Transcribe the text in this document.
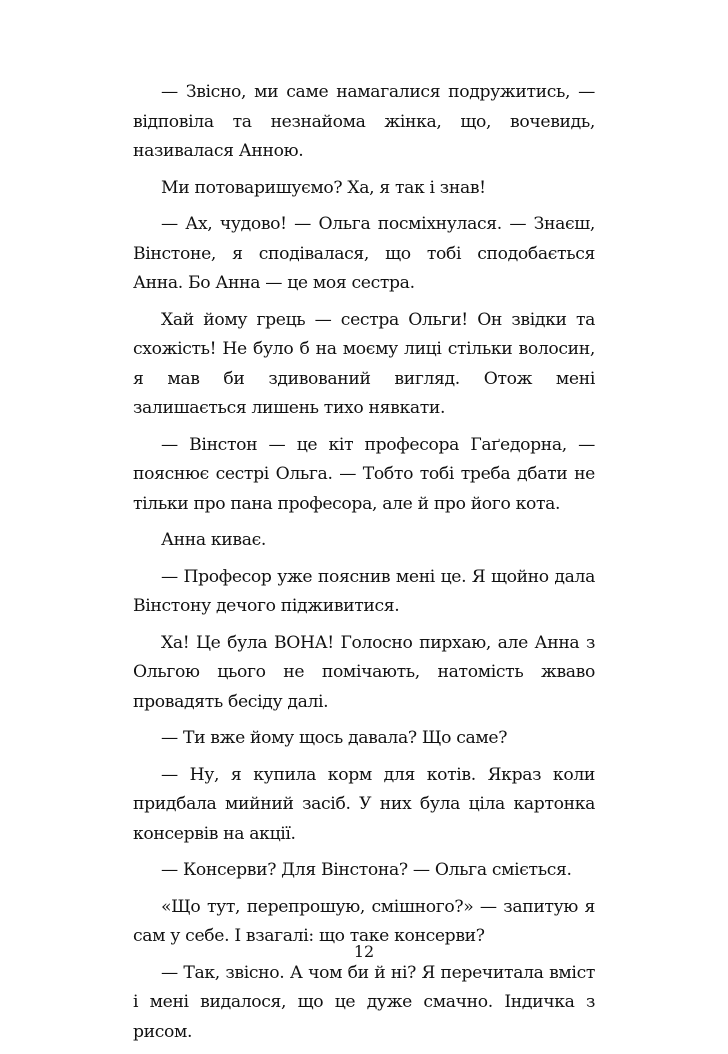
— Звісно, ми саме намагалися подружитись, — відповіла та незнайома жінка, що, вочевидь, називалася Анною.

Ми потоваришуємо? Ха, я так і знав!

— Ах, чудово! — Ольга посміхнулася. — Знаєш, Вінстоне, я сподівалася, що тобі сподобається Анна. Бо Анна — це моя сестра.

Хай йому грець — сестра Ольги! Он звідки та схожість! Не було б на моєму лиці стільки волосин, я мав би здивований вигляд. Отож мені залишається лишень тихо нявкати.

— Вінстон — це кіт професора Гаґедорна, — пояснює сестрі Ольга. — Тобто тобі треба дбати не тільки про пана професора, але й про його кота.

Анна киває.

— Професор уже пояснив мені це. Я щойно дала Вінстону дечого підживитися.

Ха! Це була ВОНА! Голосно пирхаю, але Анна з Ольгою цього не помічають, натомість жваво провадять бесіду далі.

— Ти вже йому щось давала? Що саме?

— Ну, я купила корм для котів. Якраз коли придбала мийний засіб. У них була ціла картонка консервів на акції.

— Консерви? Для Вінстона? — Ольга сміється.

«Що тут, перепрошую, смішного?» — запитую я сам у себе. І взагалі: що таке консерви?

— Так, звісно. А чом би й ні? Я перечитала вміст і мені видалося, що це дуже смачно. Індичка з рисом.

12
